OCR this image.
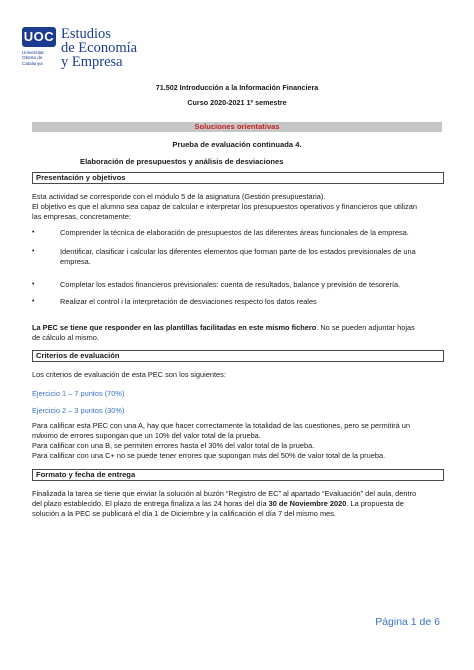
UOC
Universitat Oberta de Catalunya
Estudios
de Economía
y Empresa
71.502 Introducción a la Información Financiera
Curso 2020-2021 1º semestre
Soluciones orientativas
Prueba de evaluación continuada 4.
Elaboración de presupuestos y análisis de desviaciones
Presentación y objetivos
Esta actividad se corresponde con el módulo 5 de la asignatura (Gestión presupuestaria).
El objetivo es que el alumno sea capaz de calcular e interpretar los presupuestos operativos y financieros que utilizan
las empresas, concretamente:
•	Comprender la técnica de elaboración de presupuestos de las diferentes áreas funcionales de la empresa.
•	Identificar, clasificar i calcular los diferentes elementos que forman parte de los estados previsionales de una
empresa.
•	Completar los estados financieros previsionales: cuenta de resultados, balance y previsión de tesorería.
•	Realizar el control i la interpretación de desviaciones respecto los datos reales
La PEC se tiene que responder en las plantillas facilitadas en este mismo fichero. No se pueden adjuntar hojas
de cálculo al mismo.
Criterios de evaluación
Los criterios de evaluación de esta PEC son los siguientes:
Ejercicio 1 – 7 puntos (70%)
Ejercicio 2 – 3 puntos (30%)
Para calificar esta PEC con una A, hay que hacer correctamente la totalidad de las cuestiones, pero se permitirá un
máximo de errores supongan que un 10% del valor total de la prueba.
Para calificar con una B, se permiten errores hasta el 30% del valor total de la prueba.
Para calificar con una C+ no se puede tener errores que supongan más del 50% de valor total de la prueba.
Formato y fecha de entrega
Finalizada la tarea se tiene que enviar la solución al buzón “Registro de EC” al apartado “Evaluación” del aula, dentro
del plazo establecido. El plazo de entrega finaliza a las 24 horas del día 30 de Noviembre 2020. La propuesta de
solución a la PEC se publicará el día 1 de Diciembre y la calificación el día 7 del mismo mes.
Página 1 de 6
